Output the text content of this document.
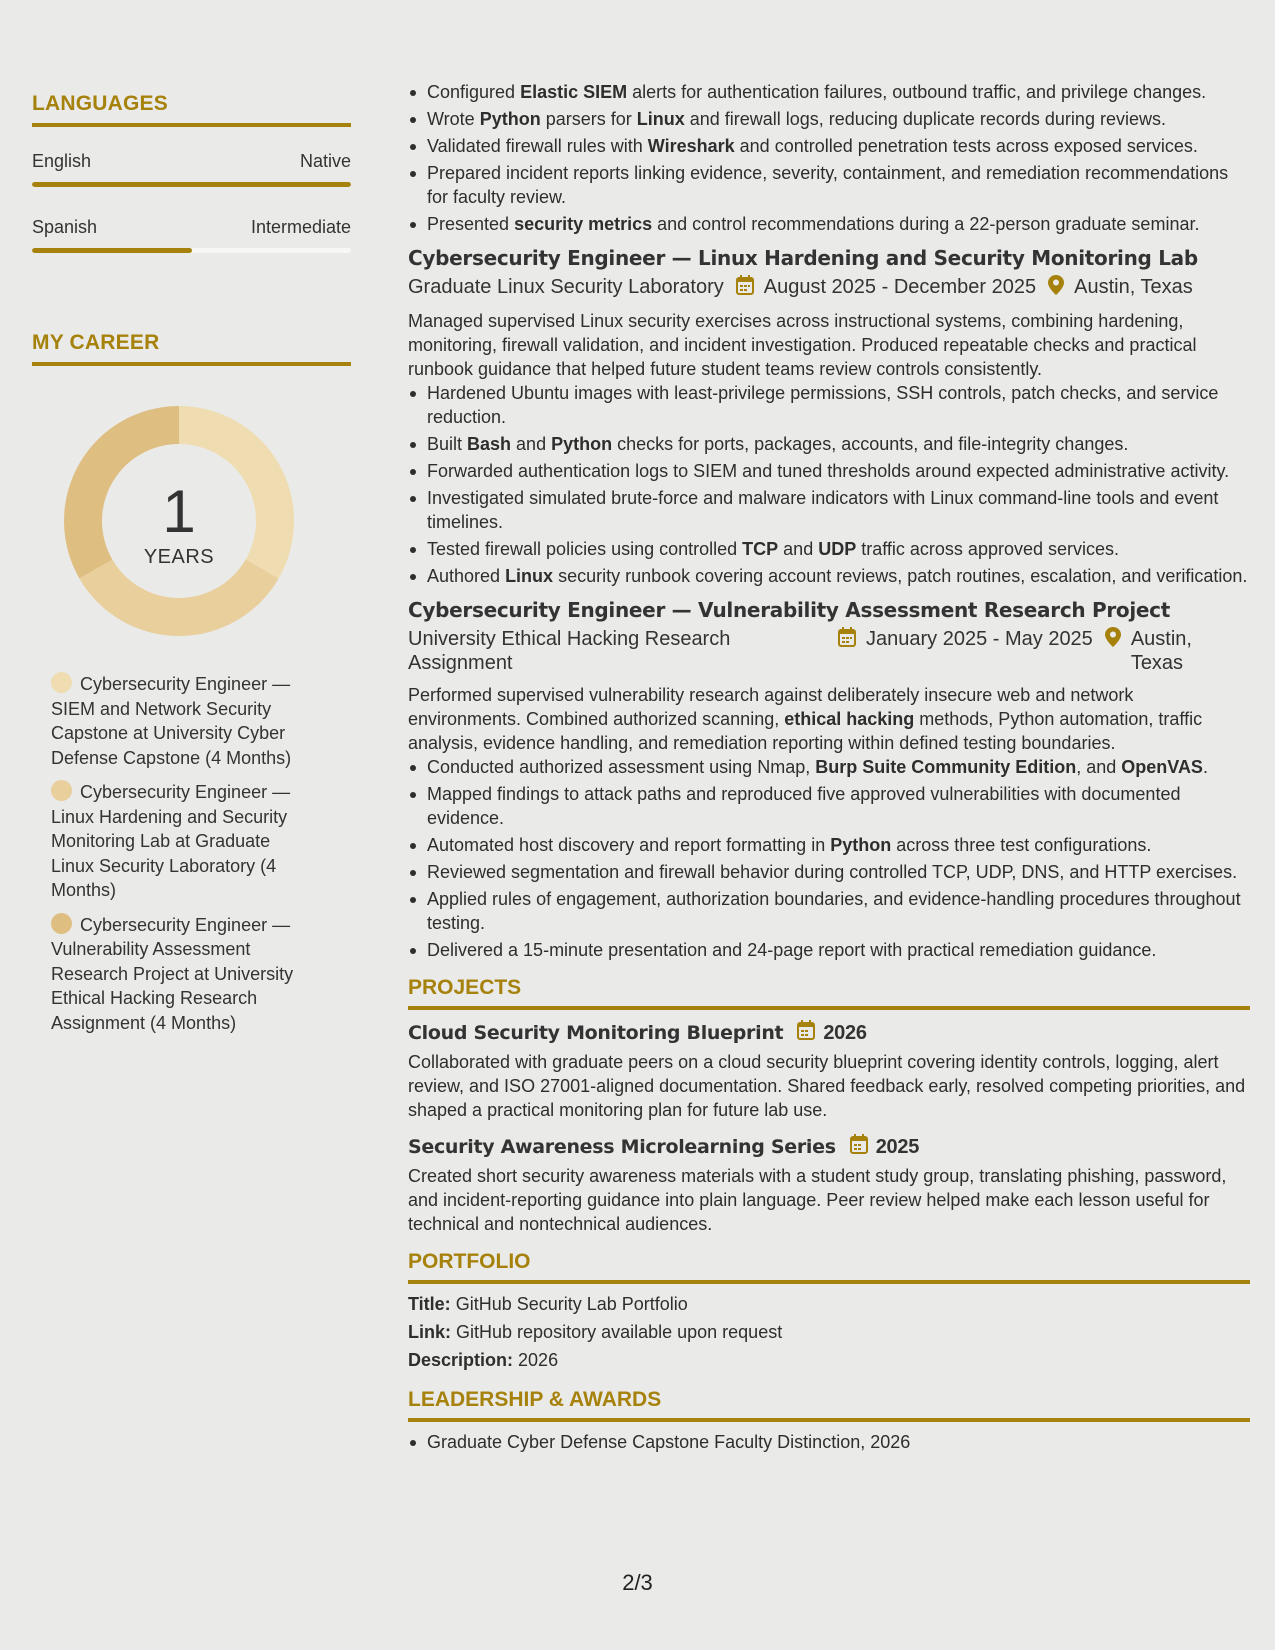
LANGUAGES
English	Native
Spanish	Intermediate
MY CAREER
1
YEARS
Cybersecurity Engineer — SIEM and Network Security Capstone at University Cyber Defense Capstone (4 Months)
Cybersecurity Engineer — Linux Hardening and Security Monitoring Lab at Graduate Linux Security Laboratory (4 Months)
Cybersecurity Engineer — Vulnerability Assessment Research Project at University Ethical Hacking Research Assignment (4 Months)
Configured Elastic SIEM alerts for authentication failures, outbound traffic, and privilege changes.
Wrote Python parsers for Linux and firewall logs, reducing duplicate records during reviews.
Validated firewall rules with Wireshark and controlled penetration tests across exposed services.
Prepared incident reports linking evidence, severity, containment, and remediation recommendations for faculty review.
Presented security metrics and control recommendations during a 22-person graduate seminar.
Cybersecurity Engineer — Linux Hardening and Security Monitoring Lab
Graduate Linux Security Laboratory August 2025 - December 2025 Austin, Texas
Managed supervised Linux security exercises across instructional systems, combining hardening, monitoring, firewall validation, and incident investigation. Produced repeatable checks and practical runbook guidance that helped future student teams review controls consistently.
Hardened Ubuntu images with least-privilege permissions, SSH controls, patch checks, and service reduction.
Built Bash and Python checks for ports, packages, accounts, and file-integrity changes.
Forwarded authentication logs to SIEM and tuned thresholds around expected administrative activity.
Investigated simulated brute-force and malware indicators with Linux command-line tools and event timelines.
Tested firewall policies using controlled TCP and UDP traffic across approved services.
Authored Linux security runbook covering account reviews, patch routines, escalation, and verification.
Cybersecurity Engineer — Vulnerability Assessment Research Project
University Ethical Hacking Research Assignment
January 2025 - May 2025 Austin, Texas
Performed supervised vulnerability research against deliberately insecure web and network environments. Combined authorized scanning, ethical hacking methods, Python automation, traffic analysis, evidence handling, and remediation reporting within defined testing boundaries.
Conducted authorized assessment using Nmap, Burp Suite Community Edition, and OpenVAS.
Mapped findings to attack paths and reproduced five approved vulnerabilities with documented evidence.
Automated host discovery and report formatting in Python across three test configurations.
Reviewed segmentation and firewall behavior during controlled TCP, UDP, DNS, and HTTP exercises.
Applied rules of engagement, authorization boundaries, and evidence-handling procedures throughout testing.
Delivered a 15-minute presentation and 24-page report with practical remediation guidance.
PROJECTS
Cloud Security Monitoring Blueprint 2026
Collaborated with graduate peers on a cloud security blueprint covering identity controls, logging, alert review, and ISO 27001-aligned documentation. Shared feedback early, resolved competing priorities, and shaped a practical monitoring plan for future lab use.
Security Awareness Microlearning Series 2025
Created short security awareness materials with a student study group, translating phishing, password, and incident-reporting guidance into plain language. Peer review helped make each lesson useful for technical and nontechnical audiences.
PORTFOLIO
Title: GitHub Security Lab Portfolio
Link: GitHub repository available upon request
Description: 2026
LEADERSHIP & AWARDS
Graduate Cyber Defense Capstone Faculty Distinction, 2026
2/3
